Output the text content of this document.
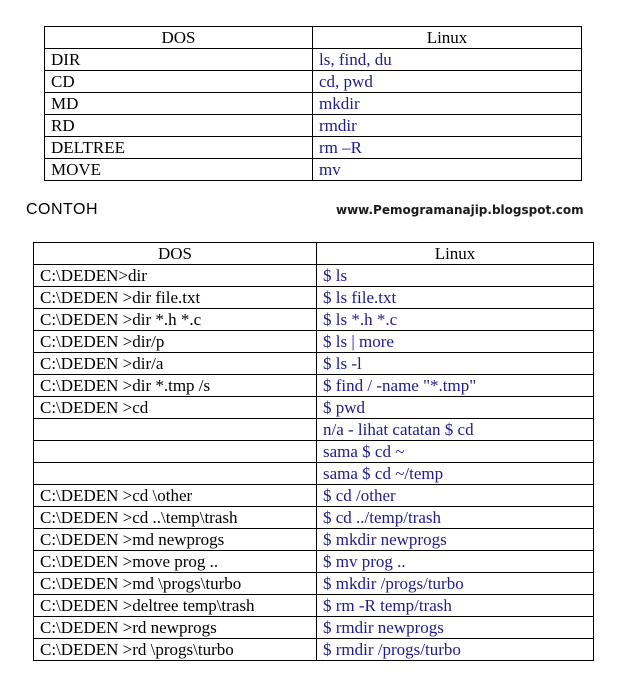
DOS	Linux
DIR	ls, find, du
CD	cd, pwd
MD	mkdir
RD	rmdir
DELTREE	rm –R
MOVE	mv
CONTOH	www.Pemogramanajip.blogspot.com
DOS	Linux
C:\DEDEN>dir	$ ls
C:\DEDEN >dir file.txt	$ ls file.txt
C:\DEDEN >dir *.h *.c	$ ls *.h *.c
C:\DEDEN >dir/p	$ ls | more
C:\DEDEN >dir/a	$ ls -l
C:\DEDEN >dir *.tmp /s	$ find / -name "*.tmp"
C:\DEDEN >cd	$ pwd
	n/a - lihat catatan $ cd
	sama $ cd ~
	sama $ cd ~/temp
C:\DEDEN >cd \other	$ cd /other
C:\DEDEN >cd ..\temp\trash	$ cd ../temp/trash
C:\DEDEN >md newprogs	$ mkdir newprogs
C:\DEDEN >move prog ..	$ mv prog ..
C:\DEDEN >md \progs\turbo	$ mkdir /progs/turbo
C:\DEDEN >deltree temp\trash	$ rm -R temp/trash
C:\DEDEN >rd newprogs	$ rmdir newprogs
C:\DEDEN >rd \progs\turbo	$ rmdir /progs/turbo
